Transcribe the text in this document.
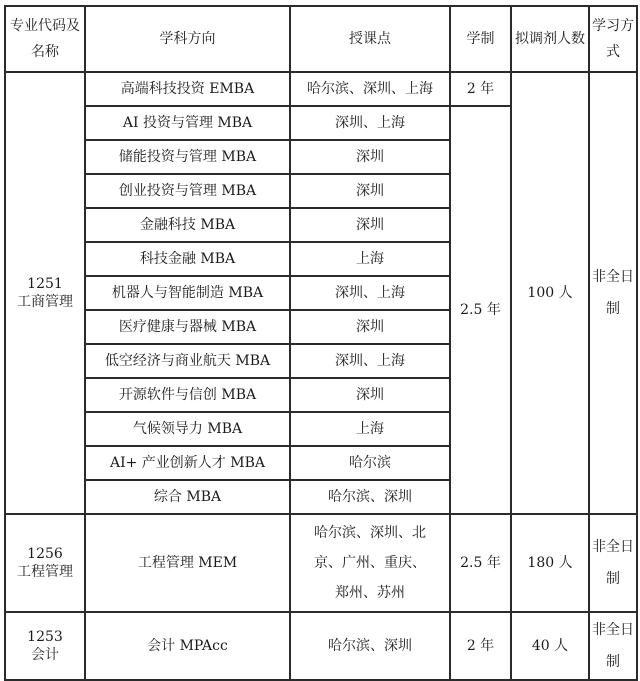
专业代码及名称	学科方向	授课点	学制	拟调剂人数	学习方式

1251
工商管理	高端科技投资 EMBA	哈尔滨、深圳、上海	2 年	100 人	非全日制
	AI 投资与管理 MBA	深圳、上海	2.5 年		
	储能投资与管理 MBA	深圳			
	创业投资与管理 MBA	深圳			
	金融科技 MBA	深圳			
	科技金融 MBA	上海			
	机器人与智能制造 MBA	深圳、上海			
	医疗健康与器械 MBA	深圳			
	低空经济与商业航天 MBA	深圳、上海			
	开源软件与信创 MBA	深圳			
	气候领导力 MBA	上海			
	AI+ 产业创新人才 MBA	哈尔滨			
	综合 MBA	哈尔滨、深圳			

1256
工程管理	工程管理 MEM	哈尔滨、深圳、北京、广州、重庆、郑州、苏州	2.5 年	180 人	非全日制

1253
会计	会计 MPAcc	哈尔滨、深圳	2 年	40 人	非全日制
